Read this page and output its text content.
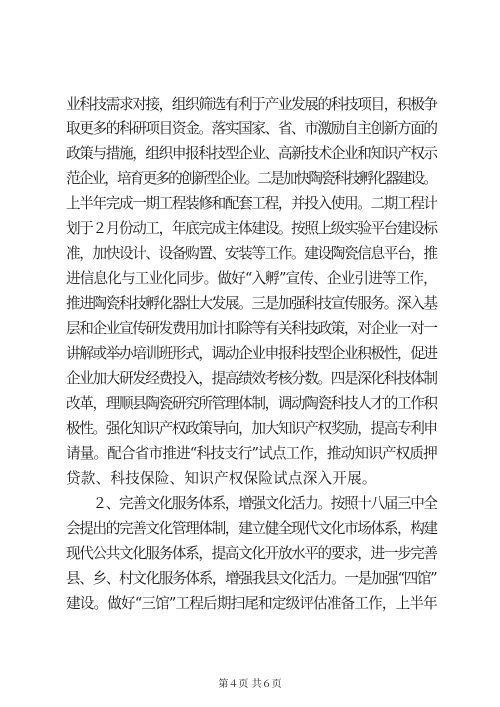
业科技需求对接，组织筛选有利于产业发展的科技项目，积极争
取更多的科研项目资金。落实国家、省、市激励自主创新方面的
政策与措施，组织申报科技型企业、高新技术企业和知识产权示
范企业，培育更多的创新型企业。二是加快陶瓷科技孵化器建设。
上半年完成一期工程装修和配套工程，并投入使用。二期工程计
划于２月份动工，年底完成主体建设。按照上级实验平台建设标
准，加快设计、设备购置、安装等工作。建设陶瓷信息平台，推
进信息化与工业化同步。做好“入孵”宣传、企业引进等工作，
推进陶瓷科技孵化器壮大发展。三是加强科技宣传服务。深入基
层和企业宣传研发费用加计扣除等有关科技政策，对企业一对一
讲解或举办培训班形式，调动企业申报科技型企业积极性，促进
企业加大研发经费投入，提高绩效考核分数。四是深化科技体制
改革，理顺县陶瓷研究所管理体制，调动陶瓷科技人才的工作积
极性。强化知识产权政策导向，加大知识产权奖励，提高专利申
请量。配合省市推进“科技支行”试点工作，推动知识产权质押
贷款、科技保险、知识产权保险试点深入开展。
　　２、完善文化服务体系，增强文化活力。按照十八届三中全
会提出的完善文化管理体制，建立健全现代文化市场体系，构建
现代公共文化服务体系，提高文化开放水平的要求，进一步完善
县、乡、村文化服务体系，增强我县文化活力。一是加强“四馆”
建设。做好“三馆”工程后期扫尾和定级评估准备工作，上半年
第４页 共６页
